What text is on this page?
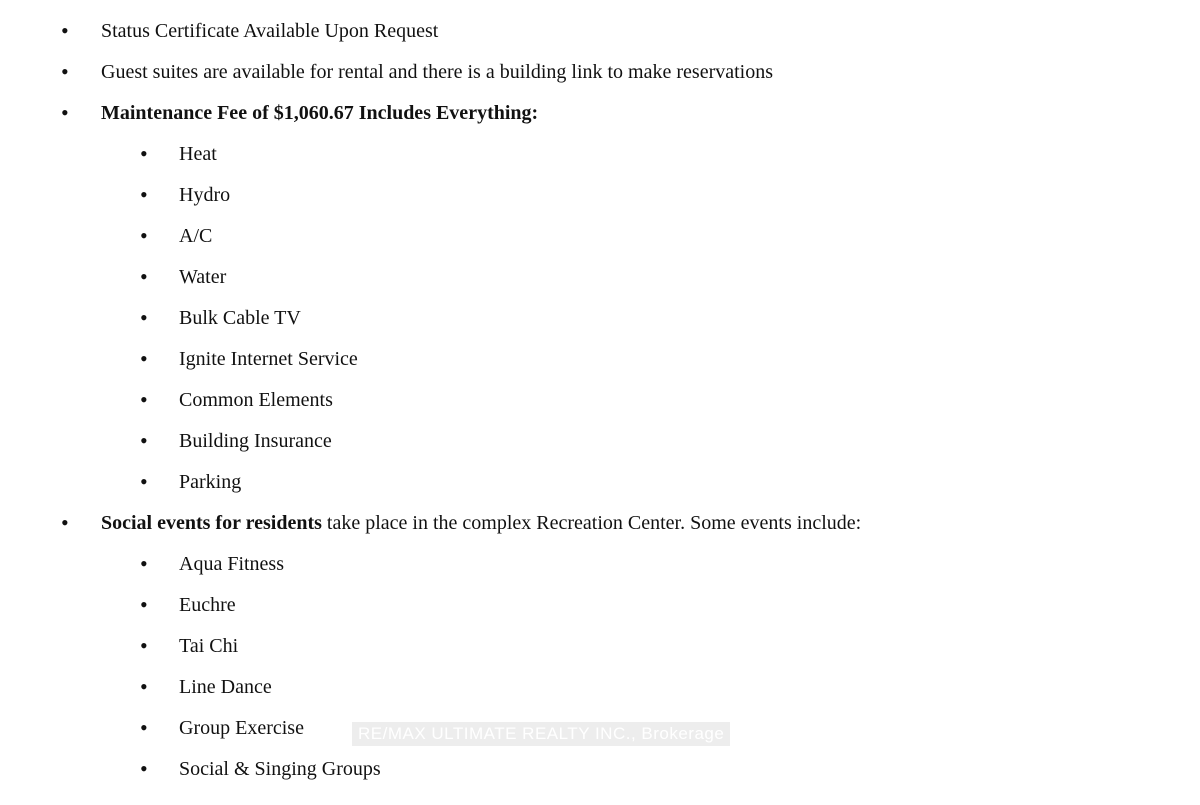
• Status Certificate Available Upon Request
• Guest suites are available for rental and there is a building link to make reservations
• Maintenance Fee of $1,060.67 Includes Everything:
• Heat
• Hydro
• A/C
• Water
• Bulk Cable TV
• Ignite Internet Service
• Common Elements
• Building Insurance
• Parking
• Social events for residents take place in the complex Recreation Center. Some events include:
• Aqua Fitness
• Euchre
• Tai Chi
• Line Dance
• Group Exercise
• Social & Singing Groups
RE/MAX ULTIMATE REALTY INC., Brokerage
